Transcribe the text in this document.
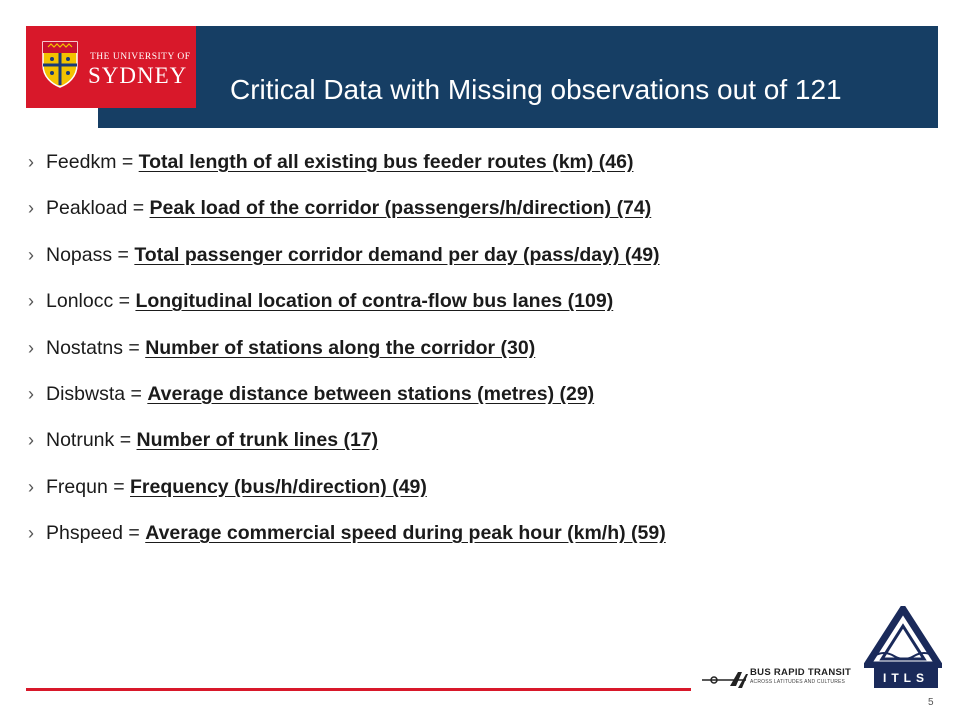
Critical Data with Missing observations out of 121
THE UNIVERSITY OF
SYDNEY
› Feedkm = Total length of all existing bus feeder routes (km) (46)
› Peakload = Peak load of the corridor (passengers/h/direction) (74)
› Nopass = Total passenger corridor demand per day (pass/day) (49)
› Lonlocc = Longitudinal location of contra-flow bus lanes (109)
› Nostatns = Number of stations along the corridor (30)
› Disbwsta = Average distance between stations (metres) (29)
› Notrunk = Number of trunk lines (17)
› Frequn = Frequency (bus/h/direction) (49)
› Phspeed = Average commercial speed during peak hour (km/h) (59)
BUS RAPID TRANSIT
ACROSS LATITUDES AND CULTURES	ITLS
5
